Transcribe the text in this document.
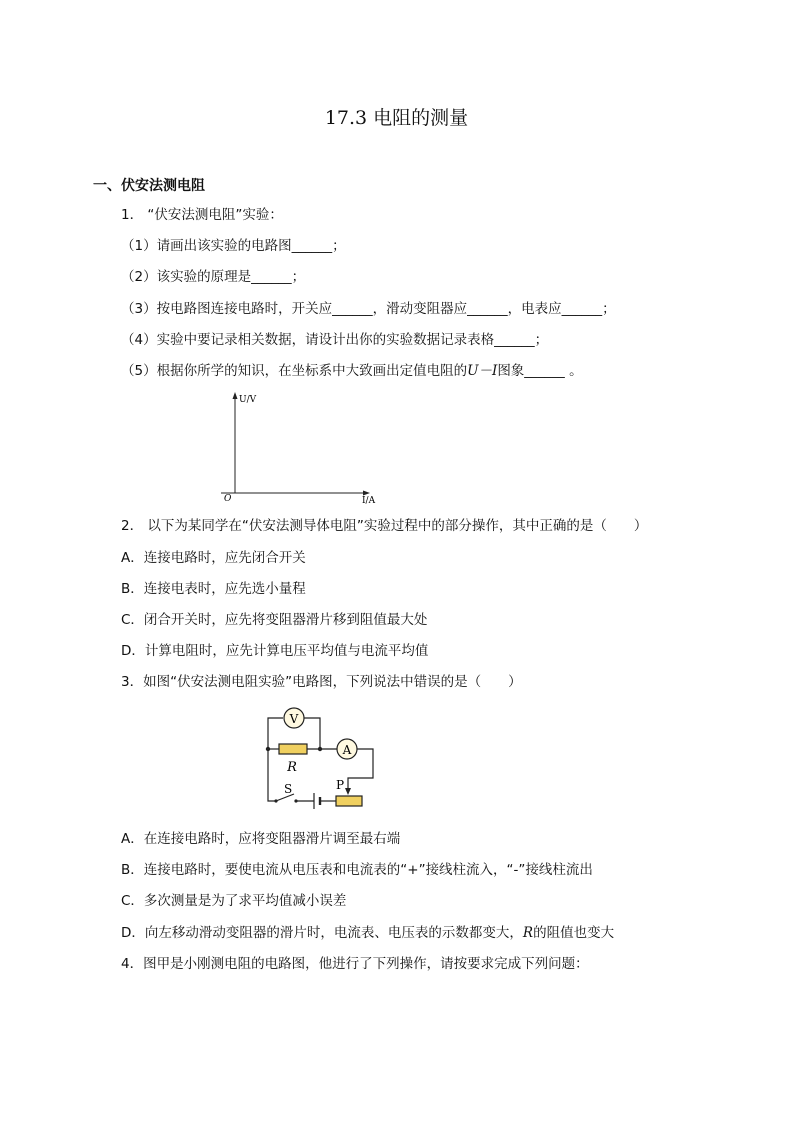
17.3 电阻的测量
一、伏安法测电阻
1． “伏安法测电阻”实验：
（1）请画出该实验的电路图______；
（2）该实验的原理是______；
（3）按电路图连接电路时，开关应______，滑动变阻器应______，电表应______；
（4）实验中要记录相关数据，请设计出你的实验数据记录表格______；
（5）根据你所学的知识，在坐标系中大致画出定值电阻的U－I图象______ 。
U/V
I/A
O
2． 以下为某同学在“伏安法测导体电阻”实验过程中的部分操作，其中正确的是（　　）
A．连接电路时，应先闭合开关
B．连接电表时，应先选小量程
C．闭合开关时，应先将变阻器滑片移到阻值最大处
D．计算电阻时，应先计算电压平均值与电流平均值
3．如图“伏安法测电阻实验”电路图，下列说法中错误的是（　　）
V
R
A
S	P
A．在连接电路时，应将变阻器滑片调至最右端
B．连接电路时，要使电流从电压表和电流表的“+”接线柱流入，“-”接线柱流出
C．多次测量是为了求平均值减小误差
D．向左移动滑动变阻器的滑片时，电流表、电压表的示数都变大，R的阻值也变大
4．图甲是小刚测电阻的电路图，他进行了下列操作，请按要求完成下列问题：
